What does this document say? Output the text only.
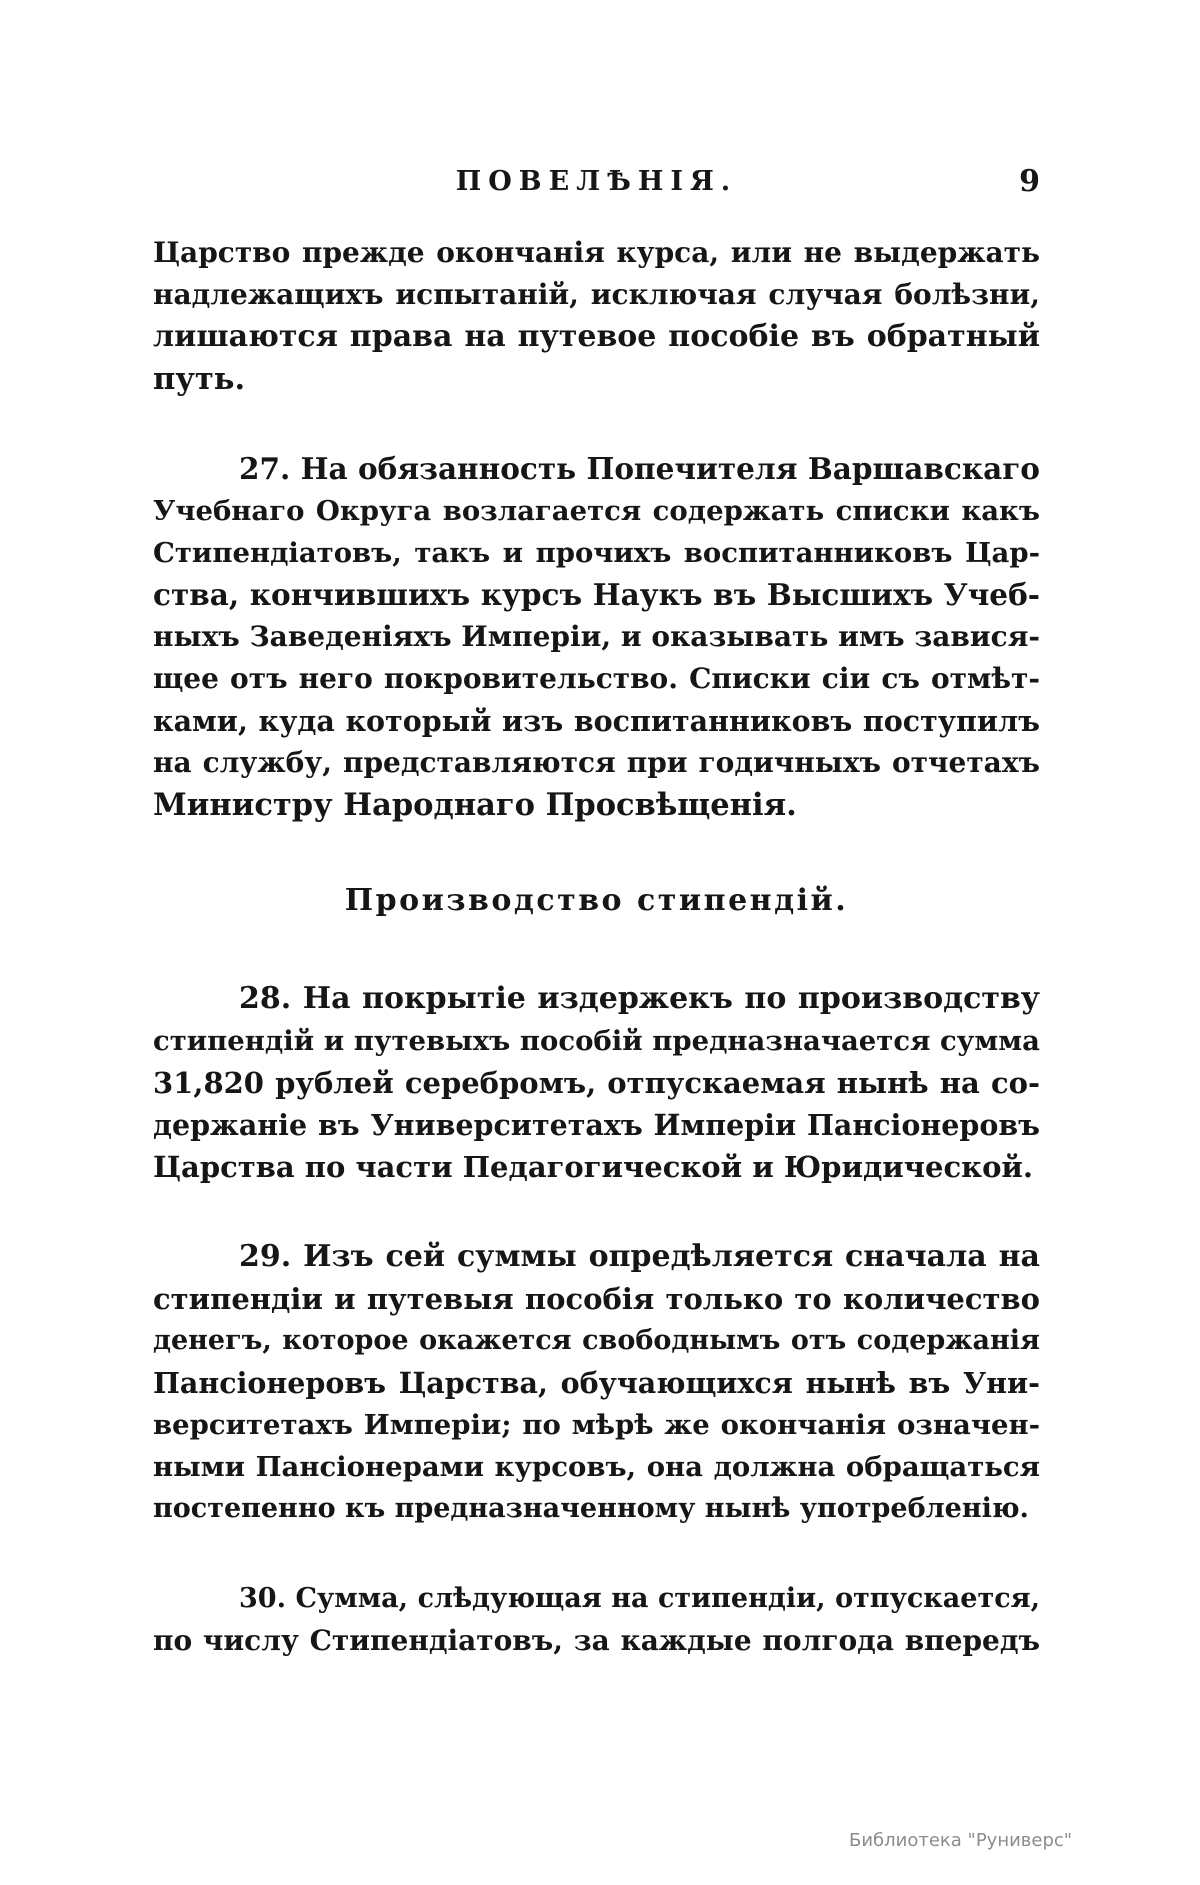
ПОВЕЛѢНІЯ.	9
Царство прежде окончанія курса, или не выдержать
надлежащихъ испытаній, исключая случая болѣзни,
лишаются права на путевое пособіе въ обратный
путь.
27. На обязанность Попечителя Варшавскаго
Учебнаго Округа возлагается содержать списки какъ
Стипендіатовъ, такъ и прочихъ воспитанниковъ Цар-
ства, кончившихъ курсъ Наукъ въ Высшихъ Учеб-
ныхъ Заведеніяхъ Имперіи, и оказывать имъ завися-
щее отъ него покровительство. Списки сіи съ отмѣт-
ками, куда который изъ воспитанниковъ поступилъ
на службу, представляются при годичныхъ отчетахъ
Министру Народнаго Просвѣщенія.
Производство стипендій.
28. На покрытіе издержекъ по производству
стипендій и путевыхъ пособій предназначается сумма
31,820 рублей серебромъ, отпускаемая нынѣ на со-
держаніе въ Университетахъ Имперіи Пансіонеровъ
Царства по части Педагогической и Юридической.
29. Изъ сей суммы опредѣляется сначала на
стипендіи и путевыя пособія только то количество
денегъ, которое окажется свободнымъ отъ содержанія
Пансіонеровъ Царства, обучающихся нынѣ въ Уни-
верситетахъ Имперіи; по мѣрѣ же окончанія означен-
ными Пансіонерами курсовъ, она должна обращаться
постепенно къ предназначенному нынѣ употребленію.
30. Сумма, слѣдующая на стипендіи, отпускается,
по числу Стипендіатовъ, за каждые полгода впередъ
Библиотека "Руниверс"
